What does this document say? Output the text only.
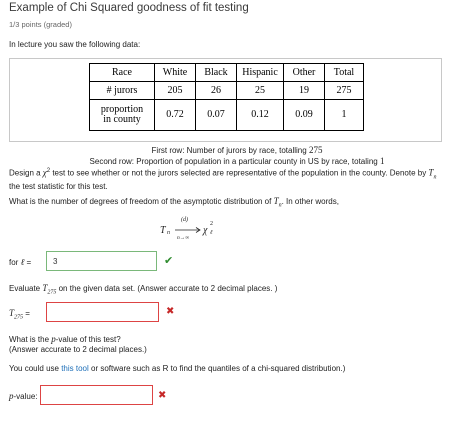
Example of Chi Squared goodness of fit testing
1/3 points (graded)
In lecture you saw the following data:
Race	White	Black	Hispanic	Other	Total
# jurors	205	26	25	19	275

proportion
in county	0.72	0.07	0.12	0.09	1
First row: Number of jurors by race, totalling 275
Second row: Proportion of population in a particular county in US by race, totaling 1
Design a $\chi^2$ test to see whether or not the jurors selected are representative of the population in the county. Denote by $T_n$
the test statistic for this test.
What is the number of degrees of freedom of the asymptotic distribution of $T_n$. In other words,
T n
(d)
n→∞
χ
2
ℓ
for ℓ =	3	✔
Evaluate $T_{275}$ on the given data set. (Answer accurate to 2 decimal places. )
$T_{275}$ =	✖
What is the p-value of this test?
(Answer accurate to 2 decimal places.)
You could use this tool or software such as R to find the quantiles of a chi-squared distribution.)
p-value:	✖
